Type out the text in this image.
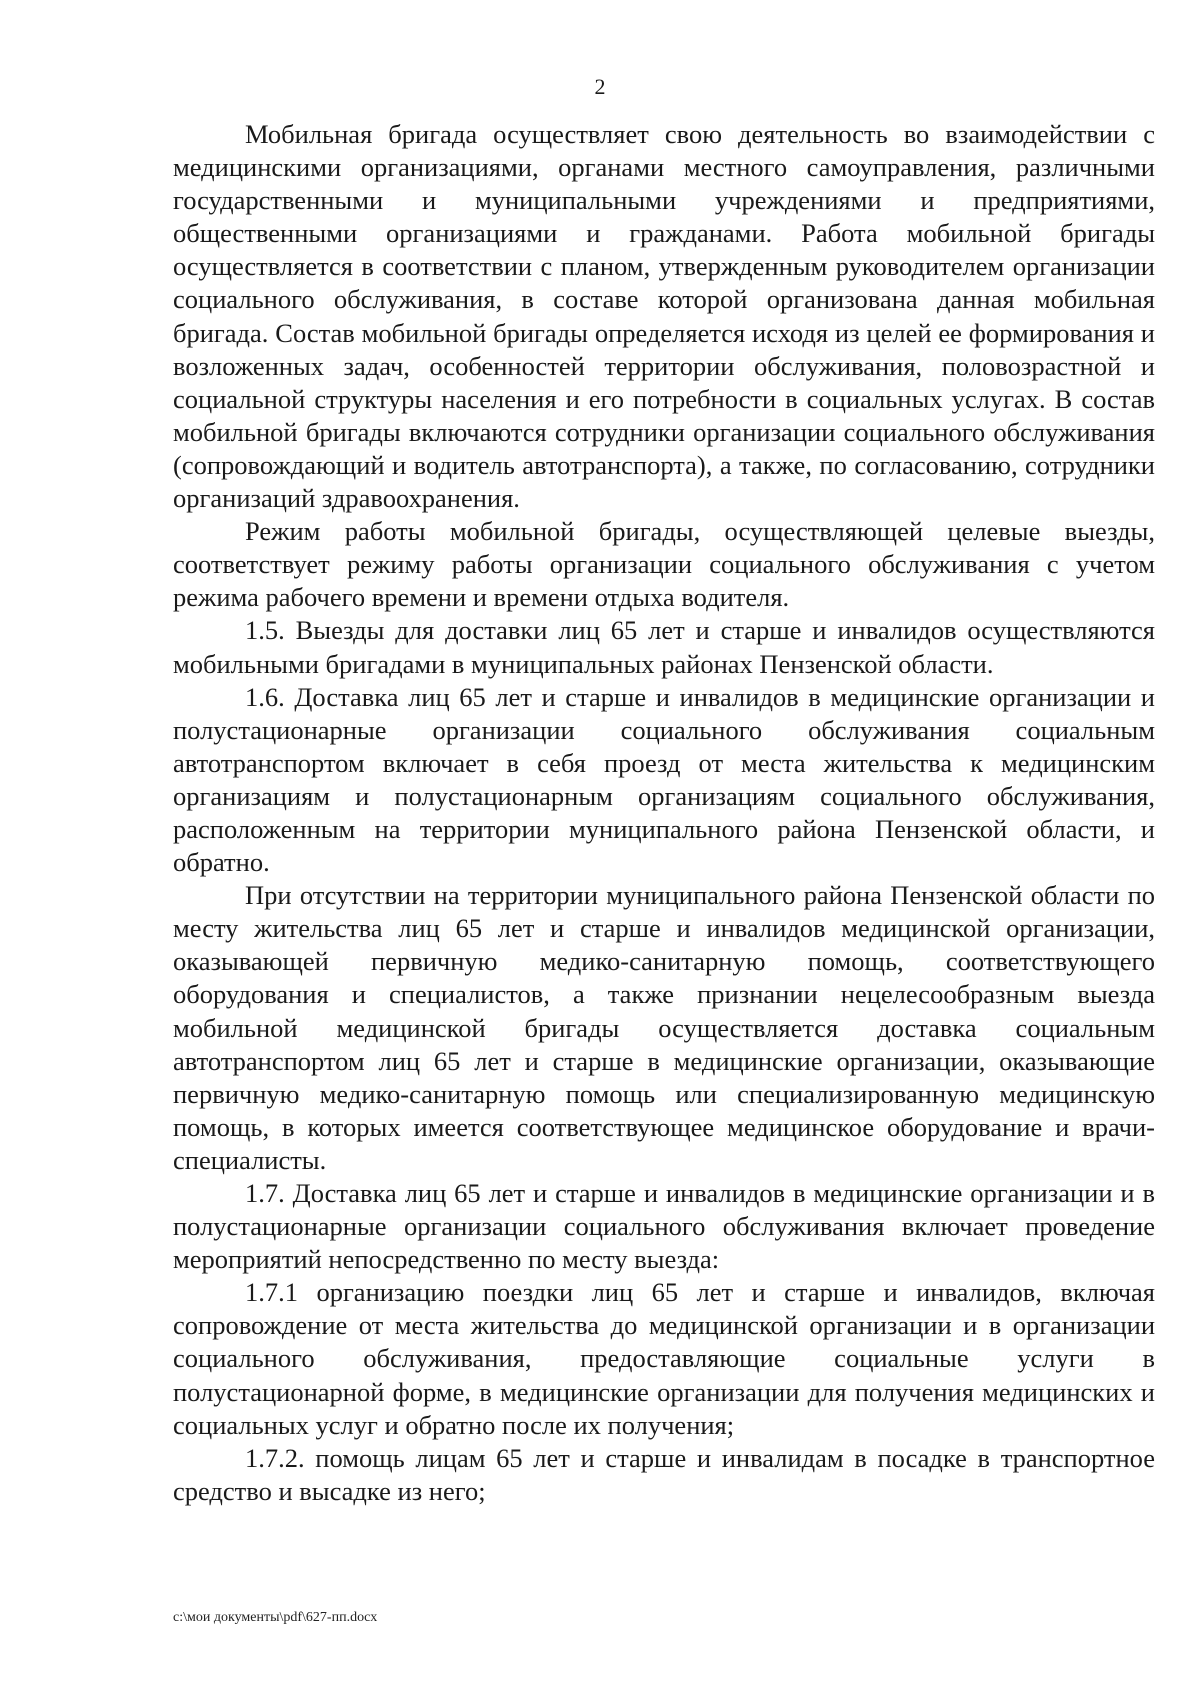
2

Мобильная бригада осуществляет свою деятельность во взаимодействии с медицинскими организациями, органами местного самоуправления, различными государственными и муниципальными учреждениями и предприятиями, общественными организациями и гражданами. Работа мобильной бригады осуществляется в соответствии с планом, утвержденным руководителем организации социального обслуживания, в составе которой организована данная мобильная бригада. Состав мобильной бригады определяется исходя из целей ее формирования и возложенных задач, особенностей территории обслуживания, половозрастной и социальной структуры населения и его потребности в социальных услугах. В состав мобильной бригады включаются сотрудники организации социального обслуживания (сопровождающий и водитель автотранспорта), а также, по согласованию, сотрудники организаций здравоохранения.

Режим работы мобильной бригады, осуществляющей целевые выезды, соответствует режиму работы организации социального обслуживания с учетом режима рабочего времени и времени отдыха водителя.

1.5. Выезды для доставки лиц 65 лет и старше и инвалидов осуществляются мобильными бригадами в муниципальных районах Пензенской области.

1.6. Доставка лиц 65 лет и старше и инвалидов в медицинские организации и полустационарные организации социального обслуживания социальным автотранспортом включает в себя проезд от места жительства к медицинским организациям и полустационарным организациям социального обслуживания, расположенным на территории муниципального района Пензенской области, и обратно.

При отсутствии на территории муниципального района Пензенской области по месту жительства лиц 65 лет и старше и инвалидов медицинской организации, оказывающей первичную медико-санитарную помощь, соответствующего оборудования и специалистов, а также признании нецелесообразным выезда мобильной медицинской бригады осуществляется доставка социальным автотранспортом лиц 65 лет и старше в медицинские организации, оказывающие первичную медико-санитарную помощь или специализированную медицинскую помощь, в которых имеется соответствующее медицинское оборудование и врачи-специалисты.

1.7. Доставка лиц 65 лет и старше и инвалидов в медицинские организации и в полустационарные организации социального обслуживания включает проведение мероприятий непосредственно по месту выезда:

1.7.1 организацию поездки лиц 65 лет и старше и инвалидов, включая сопровождение от места жительства до медицинской организации и в организации социального обслуживания, предоставляющие социальные услуги в полустационарной форме, в медицинские организации для получения медицинских и социальных услуг и обратно после их получения;

1.7.2. помощь лицам 65 лет и старше и инвалидам в посадке в транспортное средство и высадке из него;

c:\мои документы\pdf\627-пп.docx
